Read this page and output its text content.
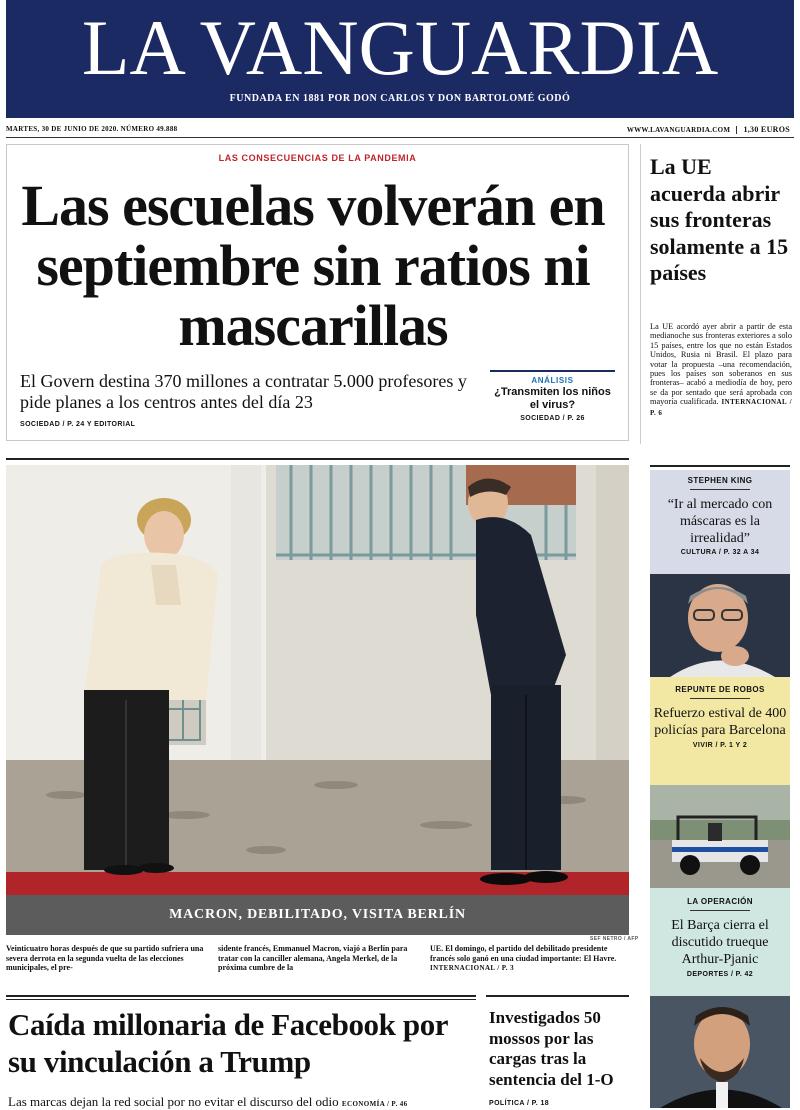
LA VANGUARDIA
FUNDADA EN 1881 POR DON CARLOS Y DON BARTOLOMÉ GODÓ
MARTES, 30 DE JUNIO DE 2020. NÚMERO 49.888	WWW.LAVANGUARDIA.COM 1,30 EUROS
LAS CONSECUENCIAS DE LA PANDEMIA
Las escuelas volverán en septiembre sin ratios ni mascarillas
El Govern destina 370 millones a contratar 5.000 profesores y pide planes a los centros antes del día 23
SOCIEDAD / P. 24 Y EDITORIAL
ANÁLISIS
¿Transmiten los niños el virus?
SOCIEDAD / P. 26
La UE acuerda abrir sus fronteras solamente a 15 países
La UE acordó ayer abrir a partir de esta medianoche sus fronteras exteriores a solo 15 países, entre los que no están Estados Unidos, Rusia ni Brasil. El plazo para votar la propuesta –una recomendación, pues los países son soberanos en sus fronteras– acabó a mediodía de hoy, pero se da por sentado que será aprobada con mayoría cualificada. INTERNACIONAL / P. 6
MACRON, DEBILITADO, VISITA BERLÍN
SEF NETRO / AFP
Veinticuatro horas después de que su partido sufriera una severa derrota en la segunda vuelta de las elecciones municipales, el pre-
sidente francés, Emmanuel Macron, viajó a Berlín para tratar con la canciller alemana, Angela Merkel, de la próxima cumbre de la
UE. El domingo, el partido del debilitado presidente francés solo ganó en una ciudad importante: El Havre. INTERNACIONAL / P. 3
Caída millonaria de Facebook por su vinculación a Trump
Las marcas dejan la red social por no evitar el discurso del odio ECONOMÍA / P. 46
Investigados 50 mossos por las cargas tras la sentencia del 1-O
POLÍTICA / P. 18
STEPHEN KING
“Ir al mercado con máscaras es la irrealidad”
CULTURA / P. 32 A 34
REPUNTE DE ROBOS
Refuerzo estival de 400 policías para Barcelona
VIVIR / P. 1 Y 2
LA OPERACIÓN
El Barça cierra el discutido trueque Arthur-Pjanic
DEPORTES / P. 42
